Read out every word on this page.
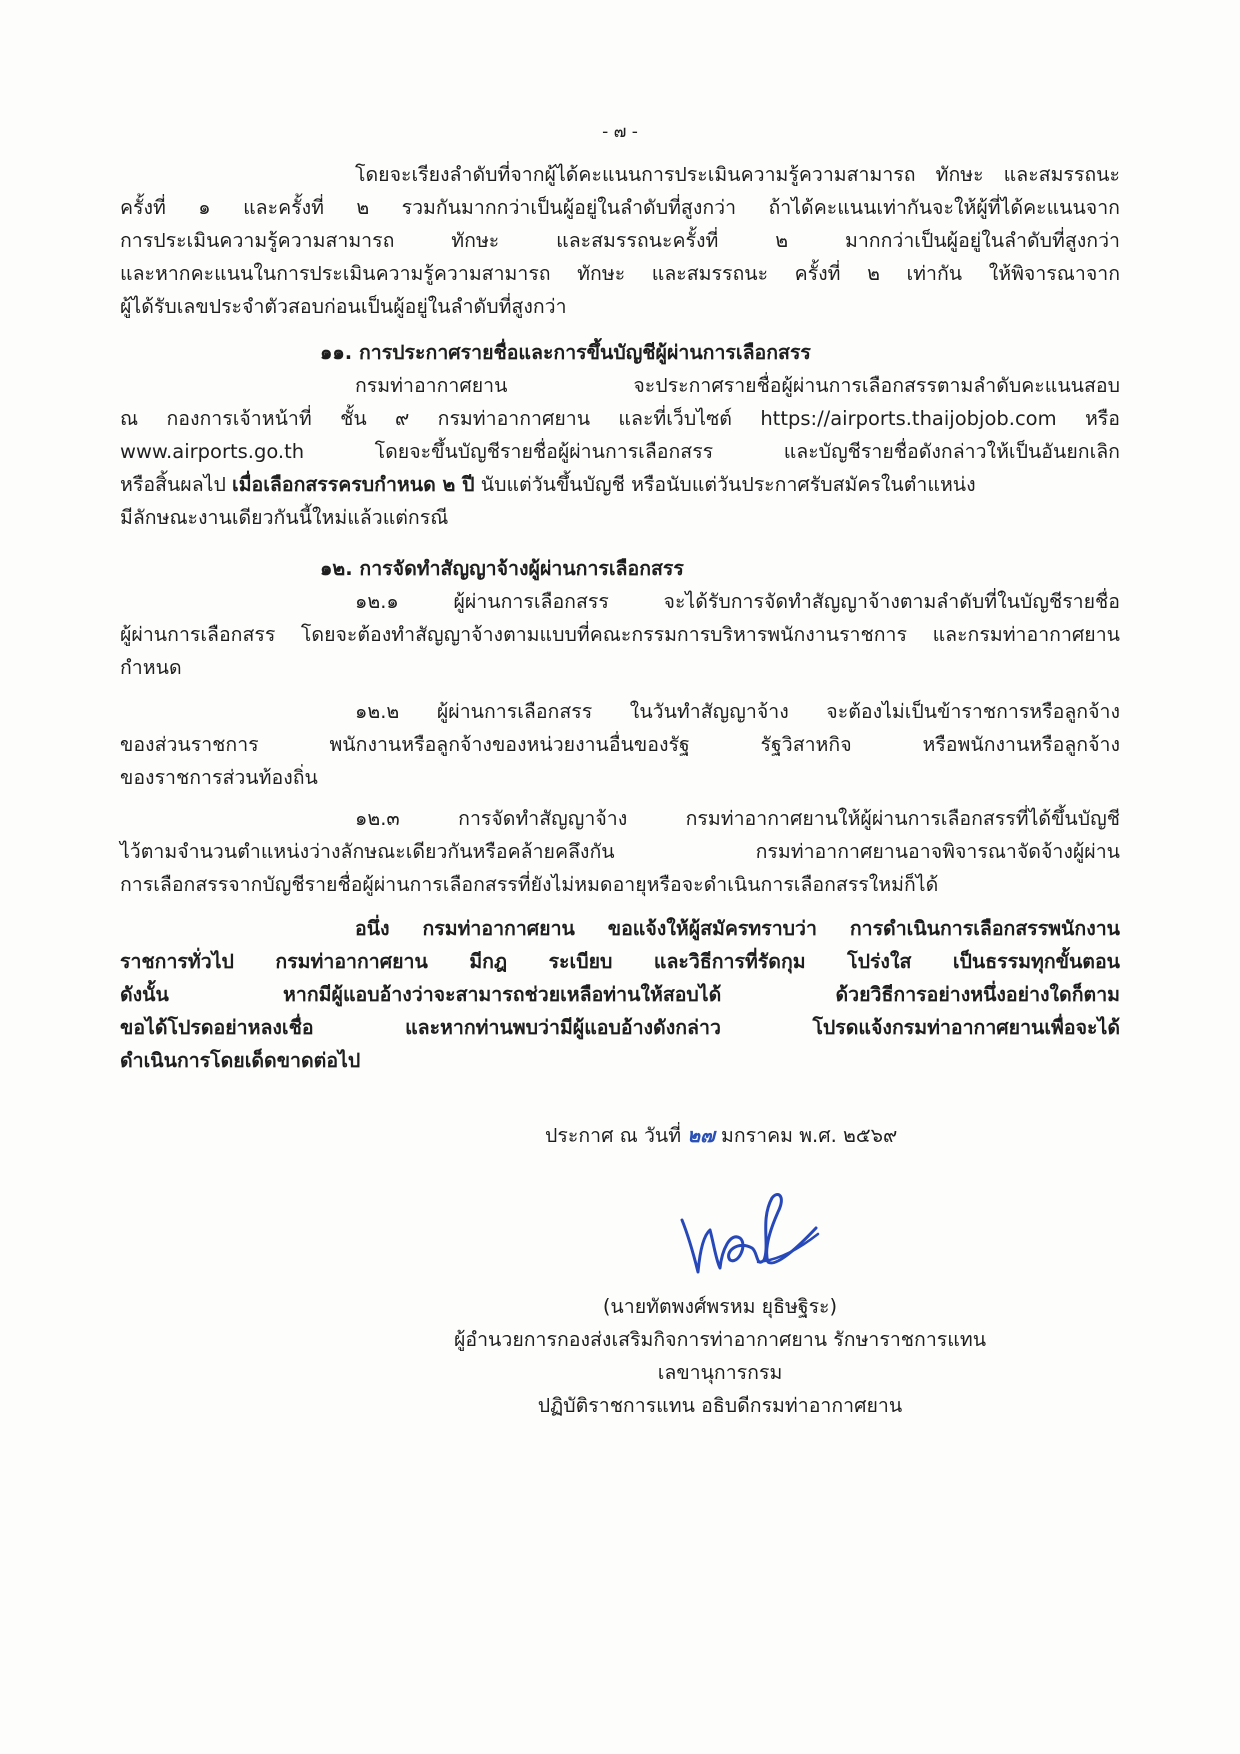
- ๗ -
โดยจะเรียงลำดับที่จากผู้ได้คะแนนการประเมินความรู้ความสามารถ ทักษะ และสมรรถนะ
ครั้งที่ ๑ และครั้งที่ ๒ รวมกันมากกว่าเป็นผู้อยู่ในลำดับที่สูงกว่า ถ้าได้คะแนนเท่ากันจะให้ผู้ที่ได้คะแนนจาก
การประเมินความรู้ความสามารถ ทักษะ และสมรรถนะครั้งที่ ๒ มากกว่าเป็นผู้อยู่ในลำดับที่สูงกว่า
และหากคะแนนในการประเมินความรู้ความสามารถ ทักษะ และสมรรถนะ ครั้งที่ ๒ เท่ากัน ให้พิจารณาจาก
ผู้ได้รับเลขประจำตัวสอบก่อนเป็นผู้อยู่ในลำดับที่สูงกว่า
๑๑. การประกาศรายชื่อและการขึ้นบัญชีผู้ผ่านการเลือกสรร
กรมท่าอากาศยาน จะประกาศรายชื่อผู้ผ่านการเลือกสรรตามลำดับคะแนนสอบ
ณ กองการเจ้าหน้าที่ ชั้น ๙ กรมท่าอากาศยาน และที่เว็บไซต์ https://airports.thaijobjob.com หรือ
www.airports.go.th โดยจะขึ้นบัญชีรายชื่อผู้ผ่านการเลือกสรร และบัญชีรายชื่อดังกล่าวให้เป็นอันยกเลิก
หรือสิ้นผลไป เมื่อเลือกสรรครบกำหนด ๒ ปี นับแต่วันขึ้นบัญชี หรือนับแต่วันประกาศรับสมัครในตำแหน่ง
มีลักษณะงานเดียวกันนี้ใหม่แล้วแต่กรณี
๑๒. การจัดทำสัญญาจ้างผู้ผ่านการเลือกสรร
๑๒.๑ ผู้ผ่านการเลือกสรร จะได้รับการจัดทำสัญญาจ้างตามลำดับที่ในบัญชีรายชื่อ
ผู้ผ่านการเลือกสรร โดยจะต้องทำสัญญาจ้างตามแบบที่คณะกรรมการบริหารพนักงานราชการ และกรมท่าอากาศยาน
กำหนด
๑๒.๒ ผู้ผ่านการเลือกสรร ในวันทำสัญญาจ้าง จะต้องไม่เป็นข้าราชการหรือลูกจ้าง
ของส่วนราชการ พนักงานหรือลูกจ้างของหน่วยงานอื่นของรัฐ รัฐวิสาหกิจ หรือพนักงานหรือลูกจ้าง
ของราชการส่วนท้องถิ่น
๑๒.๓ การจัดทำสัญญาจ้าง กรมท่าอากาศยานให้ผู้ผ่านการเลือกสรรที่ได้ขึ้นบัญชี
ไว้ตามจำนวนตำแหน่งว่างลักษณะเดียวกันหรือคล้ายคลึงกัน กรมท่าอากาศยานอาจพิจารณาจัดจ้างผู้ผ่าน
การเลือกสรรจากบัญชีรายชื่อผู้ผ่านการเลือกสรรที่ยังไม่หมดอายุหรือจะดำเนินการเลือกสรรใหม่ก็ได้
อนึ่ง กรมท่าอากาศยาน ขอแจ้งให้ผู้สมัครทราบว่า การดำเนินการเลือกสรรพนักงาน
ราชการทั่วไป กรมท่าอากาศยาน มีกฎ ระเบียบ และวิธีการที่รัดกุม โปร่งใส เป็นธรรมทุกขั้นตอน
ดังนั้น หากมีผู้แอบอ้างว่าจะสามารถช่วยเหลือท่านให้สอบได้ ด้วยวิธีการอย่างหนึ่งอย่างใดก็ตาม
ขอได้โปรดอย่าหลงเชื่อ และหากท่านพบว่ามีผู้แอบอ้างดังกล่าว โปรดแจ้งกรมท่าอากาศยานเพื่อจะได้
ดำเนินการโดยเด็ดขาดต่อไป
ประกาศ ณ วันที่ ๒๗ มกราคม พ.ศ. ๒๕๖๙
(นายทัตพงศ์พรหม ยุธิษฐิระ)
ผู้อำนวยการกองส่งเสริมกิจการท่าอากาศยาน รักษาราชการแทน
เลขานุการกรม
ปฏิบัติราชการแทน อธิบดีกรมท่าอากาศยาน
